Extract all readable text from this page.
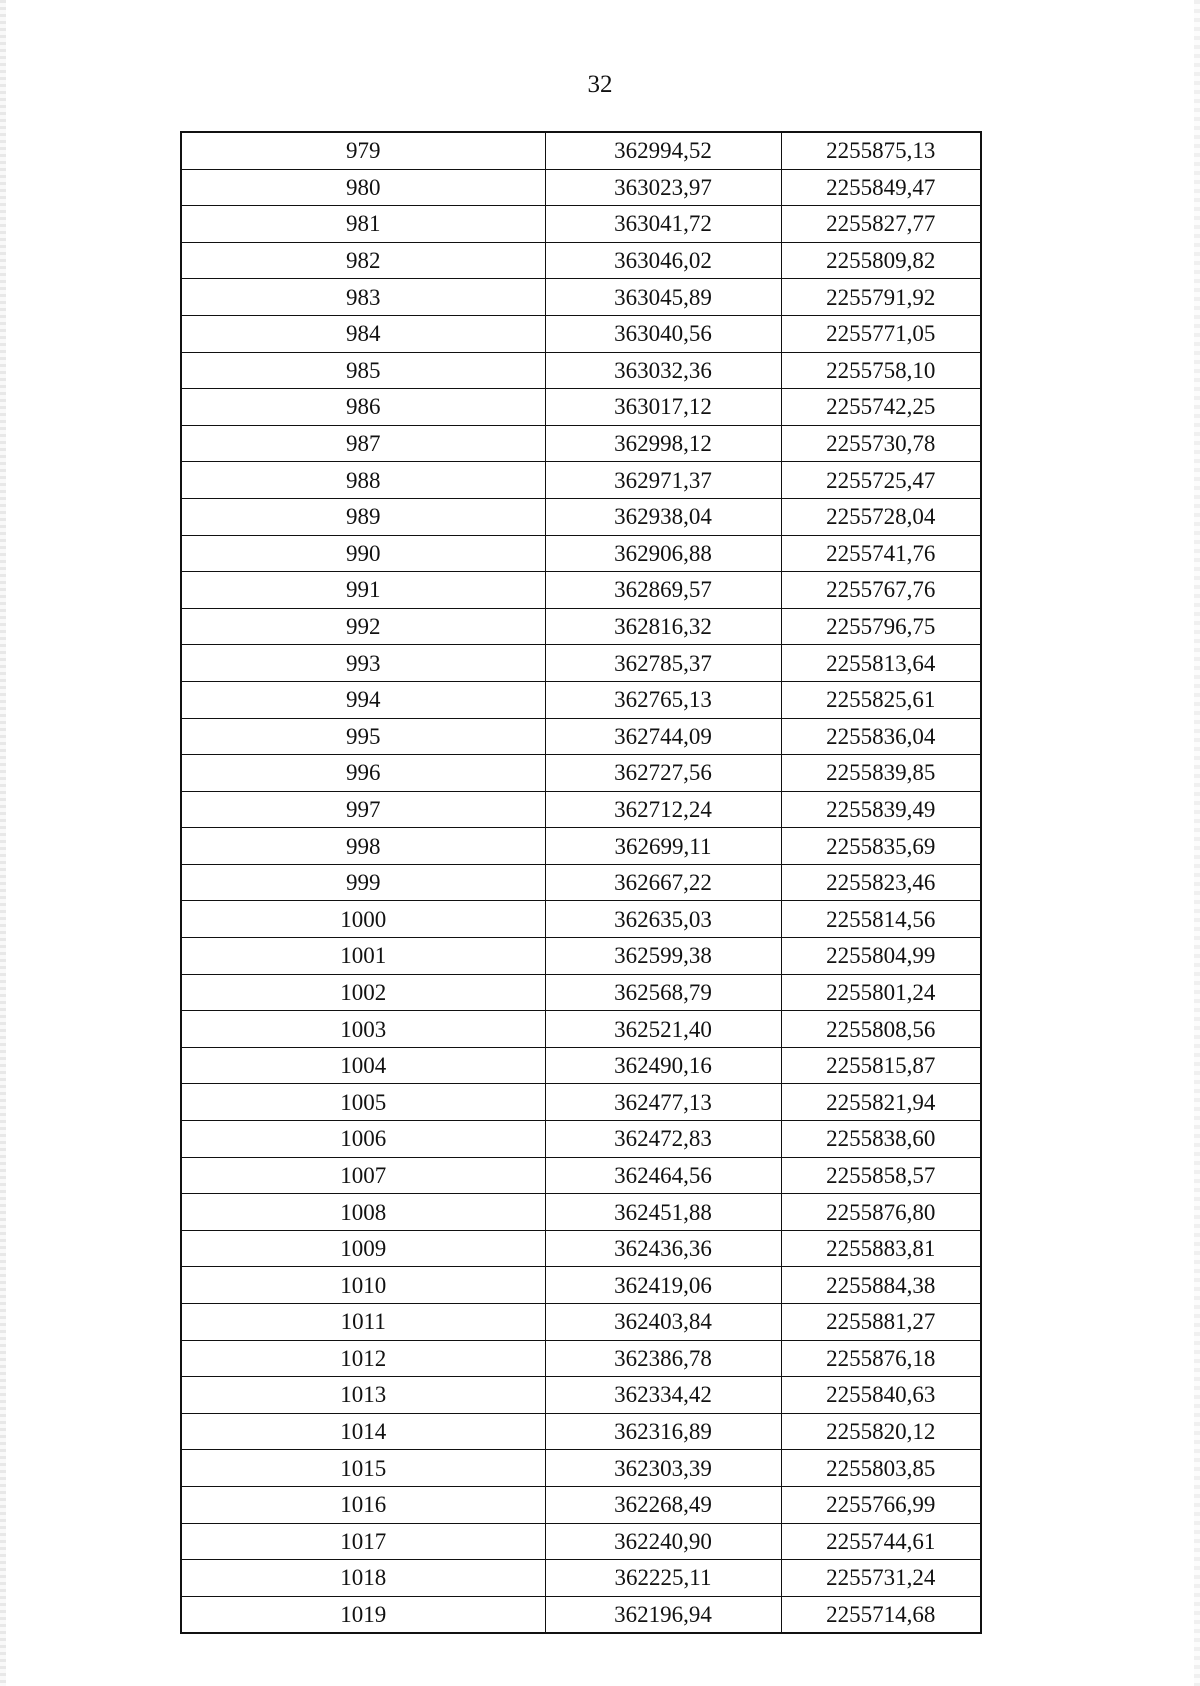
32
979	362994,52	2255875,13
980	363023,97	2255849,47
981	363041,72	2255827,77
982	363046,02	2255809,82
983	363045,89	2255791,92
984	363040,56	2255771,05
985	363032,36	2255758,10
986	363017,12	2255742,25
987	362998,12	2255730,78
988	362971,37	2255725,47
989	362938,04	2255728,04
990	362906,88	2255741,76
991	362869,57	2255767,76
992	362816,32	2255796,75
993	362785,37	2255813,64
994	362765,13	2255825,61
995	362744,09	2255836,04
996	362727,56	2255839,85
997	362712,24	2255839,49
998	362699,11	2255835,69
999	362667,22	2255823,46
1000	362635,03	2255814,56
1001	362599,38	2255804,99
1002	362568,79	2255801,24
1003	362521,40	2255808,56
1004	362490,16	2255815,87
1005	362477,13	2255821,94
1006	362472,83	2255838,60
1007	362464,56	2255858,57
1008	362451,88	2255876,80
1009	362436,36	2255883,81
1010	362419,06	2255884,38
1011	362403,84	2255881,27
1012	362386,78	2255876,18
1013	362334,42	2255840,63
1014	362316,89	2255820,12
1015	362303,39	2255803,85
1016	362268,49	2255766,99
1017	362240,90	2255744,61
1018	362225,11	2255731,24
1019	362196,94	2255714,68
